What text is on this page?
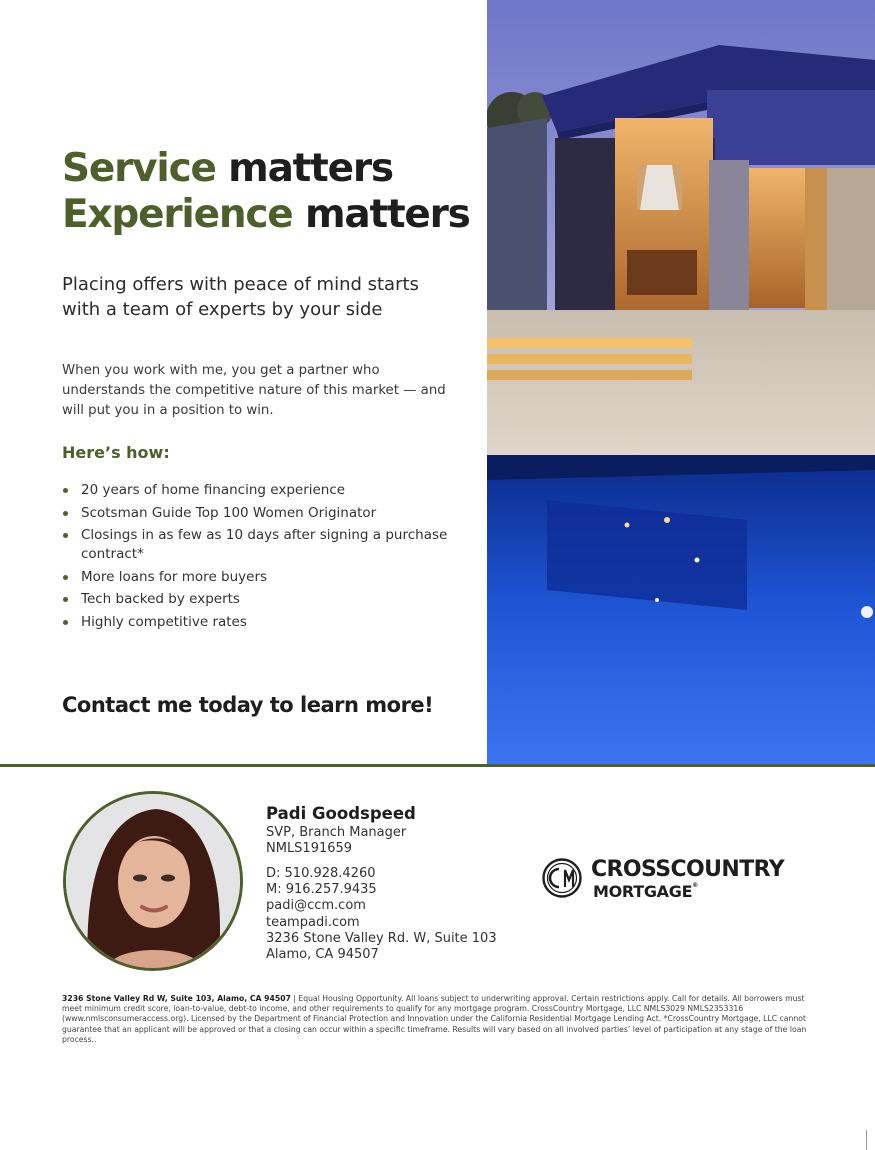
Service matters
Experience matters

Placing offers with peace of mind starts with a team of experts by your side

When you work with me, you get a partner who understands the competitive nature of this market — and will put you in a position to win.

Here’s how:
20 years of home financing experience
Scotsman Guide Top 100 Women Originator
Closings in as few as 10 days after signing a purchase contract*
More loans for more buyers
Tech backed by experts
Highly competitive rates
Contact me today to learn more!
Padi Goodspeed
SVP, Branch Manager
NMLS191659
D: 510.928.4260
M: 916.257.9435
padi@ccm.com
teampadi.com
3236 Stone Valley Rd. W, Suite 103
Alamo, CA 94507
CROSSCOUNTRY
MORTGAGE®

3236 Stone Valley Rd W, Suite 103, Alamo, CA 94507 | Equal Housing Opportunity. All loans subject to underwriting approval. Certain restrictions apply. Call for details. All borrowers must meet minimum credit score, loan-to-value, debt-to income, and other requirements to qualify for any mortgage program. CrossCountry Mortgage, LLC NMLS3029 NMLS2353316 (www.nmlsconsumeraccess.org). Licensed by the Department of Financial Protection and Innovation under the California Residential Mortgage Lending Act. *CrossCountry Mortgage, LLC cannot guarantee that an applicant will be approved or that a closing can occur within a specific timeframe. Results will vary based on all involved parties’ level of participation at any stage of the loan process..
